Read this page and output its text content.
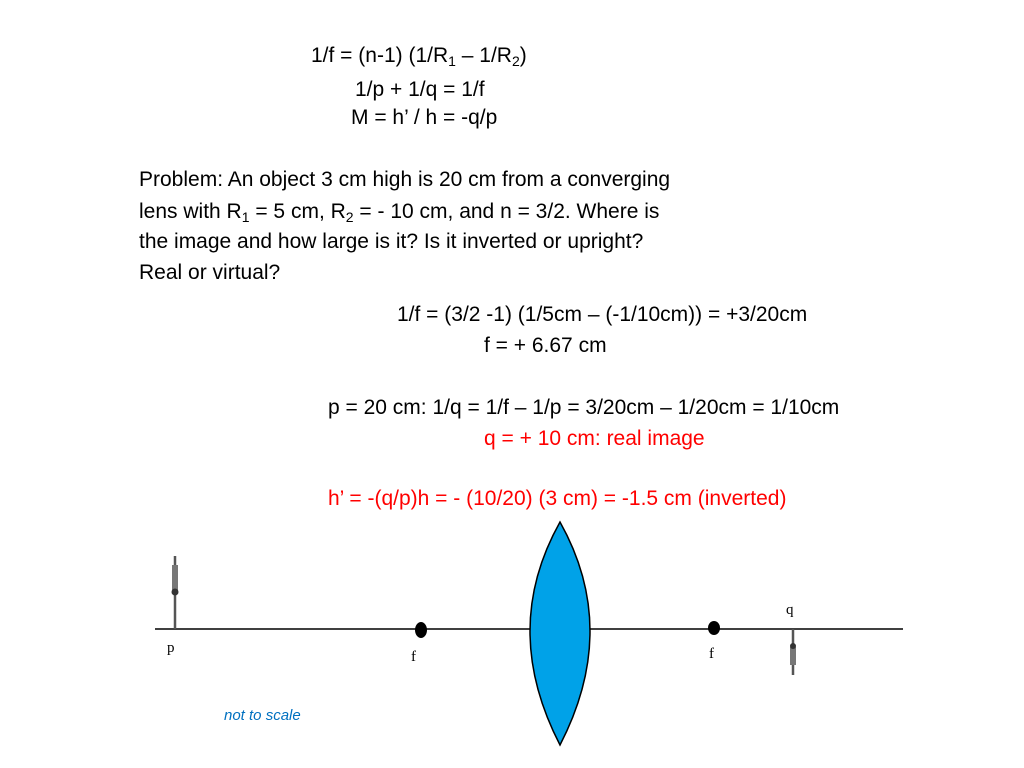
1/f = (n-1) $(1/R_1 - 1/R_2)$
1/p + 1/q = 1/f
M = h’ / h = -q/p
Problem: An object 3 cm high is 20 cm from a converging
lens with $R_1 = 5$ cm, $R_2$ = - 10 cm, and n = 3/2. Where is
the image and how large is it? Is it inverted or upright?
Real or virtual?
1/f = (3/2 -1) (1/5cm – (-1/10cm)) = +3/20cm
f = + 6.67 cm
p = 20 cm: 1/q = 1/f – 1/p = 3/20cm – 1/20cm = 1/10cm
q = + 10 cm: real image
h’ = -(q/p)h = - (10/20) (3 cm) = -1.5 cm (inverted)
p
f	f
q
not to scale
